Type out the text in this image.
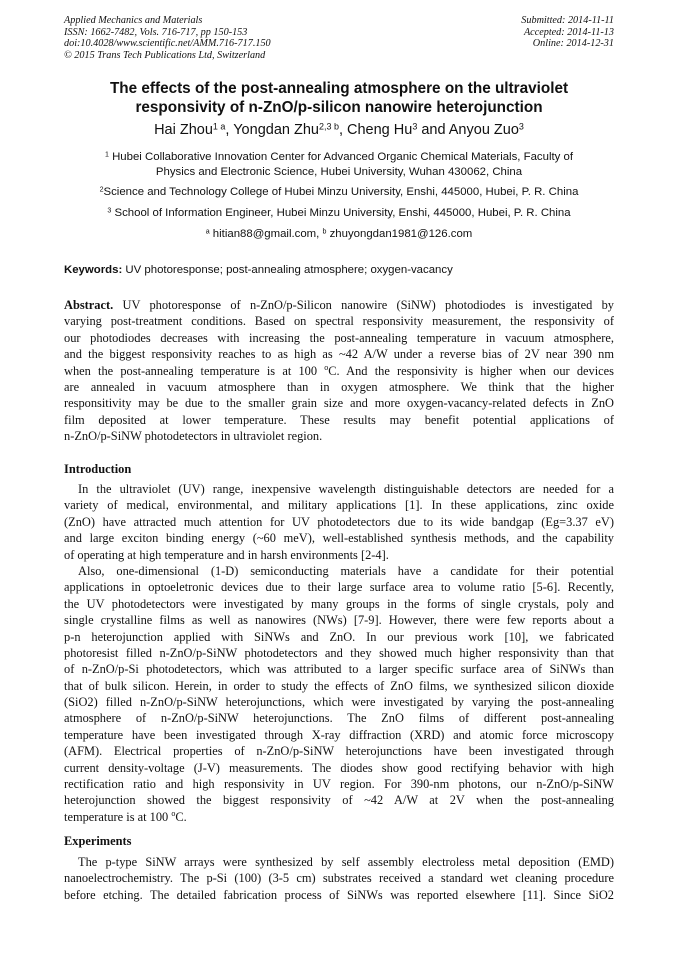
Applied Mechanics and Materials
ISSN: 1662-7482, Vols. 716-717, pp 150-153
doi:10.4028/www.scientific.net/AMM.716-717.150
© 2015 Trans Tech Publications Ltd, Switzerland
Submitted: 2014-11-11
Accepted: 2014-11-13
Online: 2014-12-31
The effects of the post-annealing atmosphere on the ultraviolet
responsivity of n-ZnO/p-silicon nanowire heterojunction
Hai Zhou$^{1 a}$, Yongdan Zhu$^{2,3 b}$, Cheng Hu$^3$ and Anyou Zuo$^3$
$^1$ Hubei Collaborative Innovation Center for Advanced Organic Chemical Materials, Faculty of
Physics and Electronic Science, Hubei University, Wuhan 430062, China
$^2$Science and Technology College of Hubei Minzu University, Enshi, 445000, Hubei, P. R. China
$^3$ School of Information Engineer, Hubei Minzu University, Enshi, 445000, Hubei, P. R. China
$^a$ hitian88@gmail.com, $^b$ zhuyongdan1981@126.com
Keywords: UV photoresponse; post-annealing atmosphere; oxygen-vacancy
Abstract. UV photoresponse of n-ZnO/p-Silicon nanowire (SiNW) photodiodes is investigated by
varying post-treatment conditions. Based on spectral responsivity measurement, the responsivity of
our photodiodes decreases with increasing the post-annealing temperature in vacuum atmosphere,
and the biggest responsivity reaches to as high as ~42 A/W under a reverse bias of 2V near 390 nm
when the post-annealing temperature is at 100 $^o$C. And the responsivity is higher when our devices
are annealed in vacuum atmosphere than in oxygen atmosphere. We think that the higher
responsitivity may be due to the smaller grain size and more oxygen-vacancy-related defects in ZnO
film deposited at lower temperature. These results may benefit potential applications of
n-ZnO/p-SiNW photodetectors in ultraviolet region.
Introduction
In the ultraviolet (UV) range, inexpensive wavelength distinguishable detectors are needed for a
variety of medical, environmental, and military applications [1]. In these applications, zinc oxide
(ZnO) have attracted much attention for UV photodetectors due to its wide bandgap (Eg=3.37 eV)
and large exciton binding energy (~60 meV), well-established synthesis methods, and the capability
of operating at high temperature and in harsh environments [2-4].
Also, one-dimensional (1-D) semiconducting materials have a candidate for their potential
applications in optoeletronic devices due to their large surface area to volume ratio [5-6]. Recently,
the UV photodetectors were investigated by many groups in the forms of single crystals, poly and
single crystalline films as well as nanowires (NWs) [7-9]. However, there were few reports about a
p-n heterojunction applied with SiNWs and ZnO. In our previous work [10], we fabricated
photoresist filled n-ZnO/p-SiNW photodetectors and they showed much higher responsivity than that
of n-ZnO/p-Si photodetectors, which was attributed to a larger specific surface area of SiNWs than
that of bulk silicon. Herein, in order to study the effects of ZnO films, we synthesized silicon dioxide
(SiO2) filled n-ZnO/p-SiNW heterojunctions, which were investigated by varying the post-annealing
atmosphere of n-ZnO/p-SiNW heterojunctions. The ZnO films of different post-annealing
temperature have been investigated through X-ray diffraction (XRD) and atomic force microscopy
(AFM). Electrical properties of n-ZnO/p-SiNW heterojunctions have been investigated through
current density-voltage (J-V) measurements. The diodes show good rectifying behavior with high
rectification ratio and high responsivity in UV region. For 390-nm photons, our n-ZnO/p-SiNW
heterojunction showed the biggest responsivity of ~42 A/W at 2V when the post-annealing
temperature is at 100 $^o$C.
Experiments
The p-type SiNW arrays were synthesized by self assembly electroless metal deposition (EMD)
nanoelectrochemistry. The p-Si (100) (3-5 cm) substrates received a standard wet cleaning procedure
before etching. The detailed fabrication process of SiNWs was reported elsewhere [11]. Since SiO2
